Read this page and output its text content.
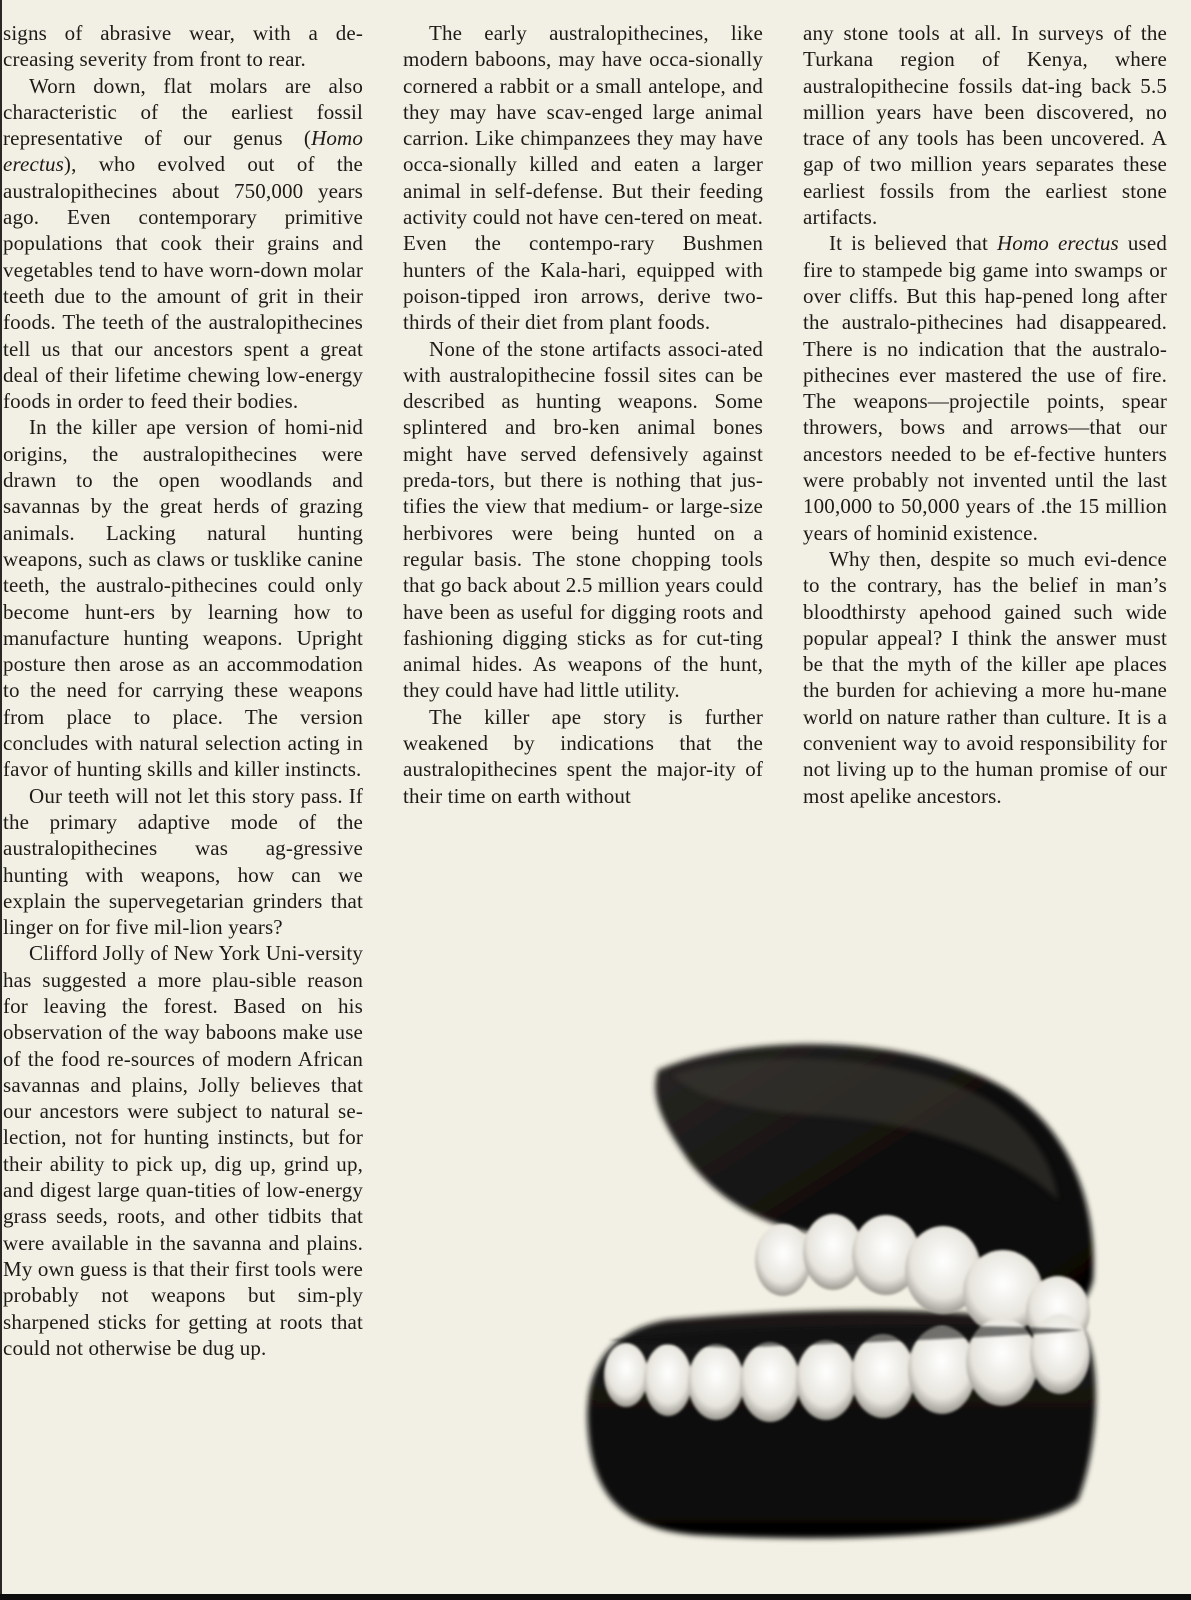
signs of abrasive wear, with a de- creasing severity from front to rear.

Worn down, flat molars are also characteristic of the earliest fossil representative of our genus (Homo erectus), who evolved out of the australopithecines about 750,000 years ago. Even contemporary primitive populations that cook their grains and vegetables tend to have worn-down molar teeth due to the amount of grit in their foods. The teeth of the australopithecines tell us that our ancestors spent a great deal of their lifetime chewing low-energy foods in order to feed their bodies.

In the killer ape version of homi-nid origins, the australopithecines were drawn to the open woodlands and savannas by the great herds of grazing animals. Lacking natural hunting weapons, such as claws or tusklike canine teeth, the australo-pithecines could only become hunt-ers by learning how to manufacture hunting weapons. Upright posture then arose as an accommodation to the need for carrying these weapons from place to place. The version concludes with natural selection acting in favor of hunting skills and killer instincts.

Our teeth will not let this story pass. If the primary adaptive mode of the australopithecines was ag-gressive hunting with weapons, how can we explain the supervegetarian grinders that linger on for five mil-lion years?

Clifford Jolly of New York Uni-versity has suggested a more plau-sible reason for leaving the forest. Based on his observation of the way baboons make use of the food re-sources of modern African savannas and plains, Jolly believes that our ancestors were subject to natural se-lection, not for hunting instincts, but for their ability to pick up, dig up, grind up, and digest large quan-tities of low-energy grass seeds, roots, and other tidbits that were available in the savanna and plains. My own guess is that their first tools were probably not weapons but sim-ply sharpened sticks for getting at roots that could not otherwise be dug up.

The early australopithecines, like modern baboons, may have occa-sionally cornered a rabbit or a small antelope, and they may have scav-enged large animal carrion. Like chimpanzees they may have occa-sionally killed and eaten a larger animal in self-defense. But their feeding activity could not have cen-tered on meat. Even the contempo-rary Bushmen hunters of the Kala-hari, equipped with poison-tipped iron arrows, derive two-thirds of their diet from plant foods.

None of the stone artifacts associ-ated with australopithecine fossil sites can be described as hunting weapons. Some splintered and bro-ken animal bones might have served defensively against preda-tors, but there is nothing that jus-tifies the view that medium- or large-size herbivores were being hunted on a regular basis. The stone chopping tools that go back about 2.5 million years could have been as useful for digging roots and fashioning digging sticks as for cut-ting animal hides. As weapons of the hunt, they could have had little utility.

The killer ape story is further weakened by indications that the australopithecines spent the major-ity of their time on earth without

any stone tools at all. In surveys of the Turkana region of Kenya, where australopithecine fossils dat-ing back 5.5 million years have been discovered, no trace of any tools has been uncovered. A gap of two million years separates these earliest fossils from the earliest stone artifacts.

It is believed that Homo erectus used fire to stampede big game into swamps or over cliffs. But this hap-pened long after the australo-pithecines had disappeared. There is no indication that the australo-pithecines ever mastered the use of fire. The weapons—projectile points, spear throwers, bows and arrows—that our ancestors needed to be ef-fective hunters were probably not invented until the last 100,000 to 50,000 years of .the 15 million years of hominid existence.

Why then, despite so much evi-dence to the contrary, has the belief in man’s bloodthirsty apehood gained such wide popular appeal? I think the answer must be that the myth of the killer ape places the burden for achieving a more hu-mane world on nature rather than culture. It is a convenient way to avoid responsibility for not living up to the human promise of our most apelike ancestors.
